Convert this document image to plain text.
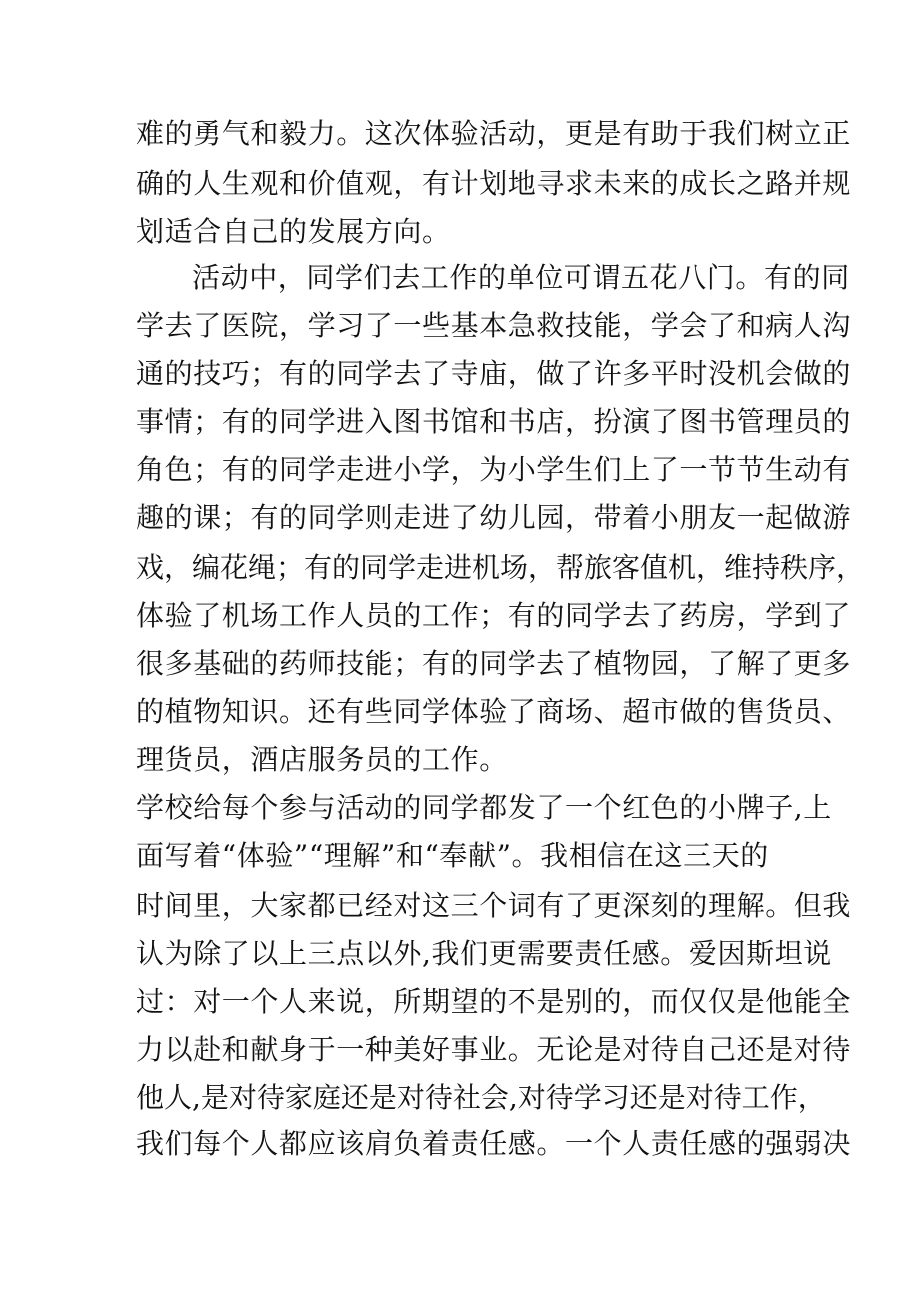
难的勇气和毅力。这次体验活动，更是有助于我们树立正
确的人生观和价值观，有计划地寻求未来的成长之路并规
划适合自己的发展方向。
活动中，同学们去工作的单位可谓五花八门。有的同
学去了医院，学习了一些基本急救技能，学会了和病人沟
通的技巧；有的同学去了寺庙，做了许多平时没机会做的
事情；有的同学进入图书馆和书店，扮演了图书管理员的
角色；有的同学走进小学，为小学生们上了一节节生动有
趣的课；有的同学则走进了幼儿园，带着小朋友一起做游
戏，编花绳；有的同学走进机场，帮旅客值机，维持秩序，
体验了机场工作人员的工作；有的同学去了药房，学到了
很多基础的药师技能；有的同学去了植物园，了解了更多
的植物知识。还有些同学体验了商场、超市做的售货员、
理货员，酒店服务员的工作。
学校给每个参与活动的同学都发了一个红色的小牌子,上
面写着“体验”“理解”和“奉献”。我相信在这三天的
时间里，大家都已经对这三个词有了更深刻的理解。但我
认为除了以上三点以外,我们更需要责任感。爱因斯坦说
过：对一个人来说，所期望的不是别的，而仅仅是他能全
力以赴和献身于一种美好事业。无论是对待自己还是对待
他人,是对待家庭还是对待社会,对待学习还是对待工作，
我们每个人都应该肩负着责任感。一个人责任感的强弱决
